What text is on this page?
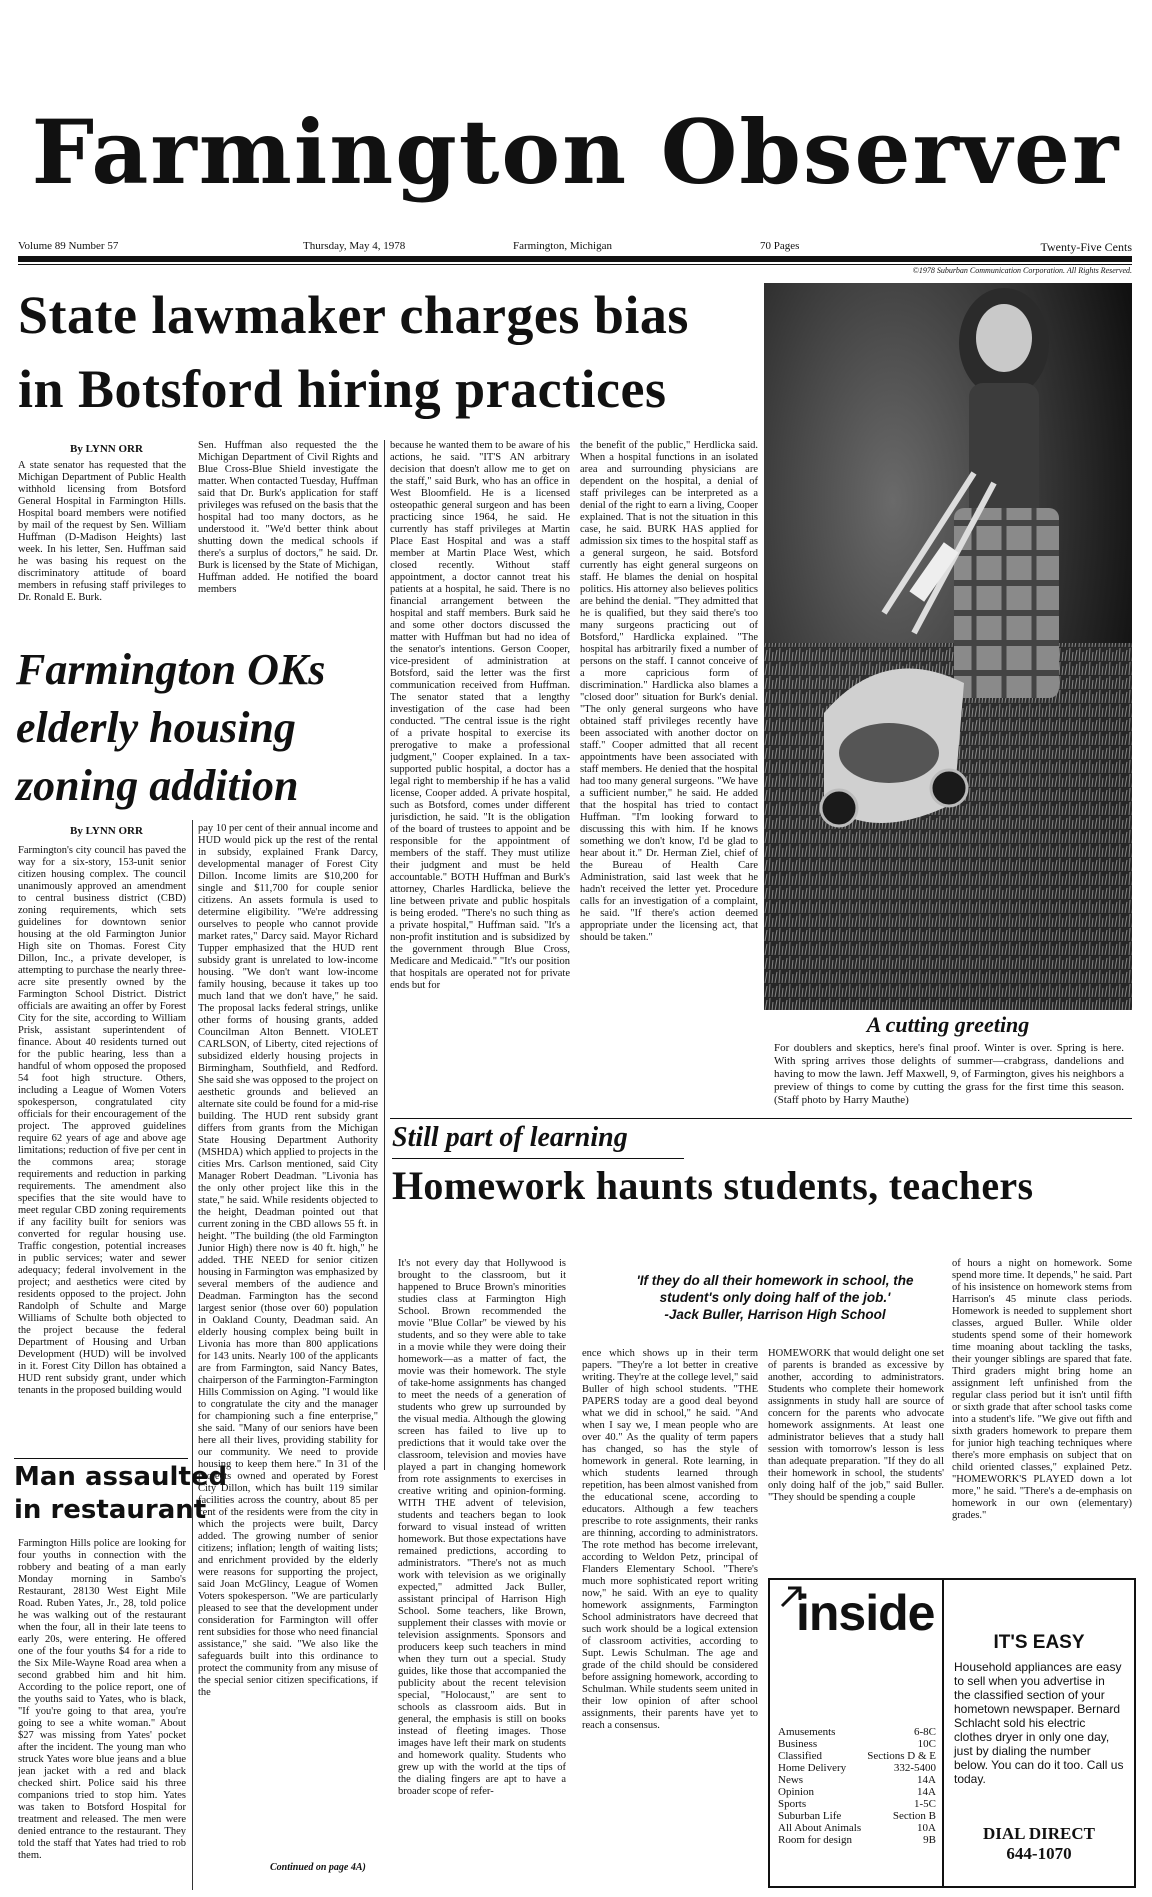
Farmington Observer
Volume 89 Number 57	Thursday, May 4, 1978	Farmington, Michigan	70 Pages	Twenty-Five Cents
©1978 Suburban Communication Corporation. All Rights Reserved.
State lawmaker charges bias
in Botsford hiring practices
By LYNN ORR
A state senator has requested that the Michigan Department of Public Health withhold licensing from Botsford General Hospital in Farmington Hills. Hospital board members were notified by mail of the request by Sen. William Huffman (D-Madison Heights) last week. In his letter, Sen. Huffman said he was basing his request on the discriminatory attitude of board members in refusing staff privileges to Dr. Ronald E. Burk.
Sen. Huffman also requested the the Michigan Department of Civil Rights and Blue Cross-Blue Shield investigate the matter. When contacted Tuesday, Huffman said that Dr. Burk's application for staff privileges was refused on the basis that the hospital had too many doctors, as he understood it. "We'd better think about shutting down the medical schools if there's a surplus of doctors," he said. Dr. Burk is licensed by the State of Michigan, Huffman added. He notified the board members
because he wanted them to be aware of his actions, he said. "IT'S AN arbitrary decision that doesn't allow me to get on the staff," said Burk, who has an office in West Bloomfield. He is a licensed osteopathic general surgeon and has been practicing since 1964, he said. He currently has staff privileges at Martin Place East Hospital and was a staff member at Martin Place West, which closed recently. Without staff appointment, a doctor cannot treat his patients at a hospital, he said. There is no financial arrangement between the hospital and staff members. Burk said he and some other doctors discussed the matter with Huffman but had no idea of the senator's intentions. Gerson Cooper, vice-president of administration at Botsford, said the letter was the first communication received from Huffman. The senator stated that a lengthy investigation of the case had been conducted. "The central issue is the right of a private hospital to exercise its prerogative to make a professional judgment," Cooper explained. In a tax-supported public hospital, a doctor has a legal right to membership if he has a valid license, Cooper added. A private hospital, such as Botsford, comes under different jurisdiction, he said. "It is the obligation of the board of trustees to appoint and be responsible for the appointment of members of the staff. They must utilize their judgment and must be held accountable." BOTH Huffman and Burk's attorney, Charles Hardlicka, believe the line between private and public hospitals is being eroded. "There's no such thing as a private hospital," Huffman said. "It's a non-profit institution and is subsidized by the government through Blue Cross, Medicare and Medicaid." "It's our position that hospitals are operated not for private ends but for
the benefit of the public," Herdlicka said. When a hospital functions in an isolated area and surrounding physicians are dependent on the hospital, a denial of staff privileges can be interpreted as a denial of the right to earn a living, Cooper explained. That is not the situation in this case, he said. BURK HAS applied for admission six times to the hospital staff as a general surgeon, he said. Botsford currently has eight general surgeons on staff. He blames the denial on hospital politics. His attorney also believes politics are behind the denial. "They admitted that he is qualified, but they said there's too many surgeons practicing out of Botsford," Hardlicka explained. "The hospital has arbitrarily fixed a number of persons on the staff. I cannot conceive of a more capricious form of discrimination." Hardlicka also blames a "closed door" situation for Burk's denial. "The only general surgeons who have obtained staff privileges recently have been associated with another doctor on staff." Cooper admitted that all recent appointments have been associated with staff members. He denied that the hospital had too many general surgeons. "We have a sufficient number," he said. He added that the hospital has tried to contact Huffman. "I'm looking forward to discussing this with him. If he knows something we don't know, I'd be glad to hear about it." Dr. Herman Ziel, chief of the Bureau of Health Care Administration, said last week that he hadn't received the letter yet. Procedure calls for an investigation of a complaint, he said. "If there's action deemed appropriate under the licensing act, that should be taken."
A cutting greeting
For doublers and skeptics, here's final proof. Winter is over. Spring is here. With spring arrives those delights of summer—crabgrass, dandelions and having to mow the lawn. Jeff Maxwell, 9, of Farmington, gives his neighbors a preview of things to come by cutting the grass for the first time this season. (Staff photo by Harry Mauthe)
Farmington OKs
elderly housing
zoning addition
By LYNN ORR
Farmington's city council has paved the way for a six-story, 153-unit senior citizen housing complex. The council unanimously approved an amendment to central business district (CBD) zoning requirements, which sets guidelines for downtown senior housing at the old Farmington Junior High site on Thomas. Forest City Dillon, Inc., a private developer, is attempting to purchase the nearly three-acre site presently owned by the Farmington School District. District officials are awaiting an offer by Forest City for the site, according to William Prisk, assistant superintendent of finance. About 40 residents turned out for the public hearing, less than a handful of whom opposed the proposed 54 foot high structure. Others, including a League of Women Voters spokesperson, congratulated city officials for their encouragement of the project. The approved guidelines require 62 years of age and above age limitations; reduction of five per cent in the commons area; storage requirements and reduction in parking requirements. The amendment also specifies that the site would have to meet regular CBD zoning requirements if any facility built for seniors was converted for regular housing use. Traffic congestion, potential increases in public services; water and sewer adequacy; federal involvement in the project; and aesthetics were cited by residents opposed to the project. John Randolph of Schulte and Marge Williams of Schulte both objected to the project because the federal Department of Housing and Urban Development (HUD) will be involved in it. Forest City Dillon has obtained a HUD rent subsidy grant, under which tenants in the proposed building would
pay 10 per cent of their annual income and HUD would pick up the rest of the rental in subsidy, explained Frank Darcy, developmental manager of Forest City Dillon. Income limits are $10,200 for single and $11,700 for couple senior citizens. An assets formula is used to determine eligibility. "We're addressing ourselves to people who cannot provide market rates," Darcy said. Mayor Richard Tupper emphasized that the HUD rent subsidy grant is unrelated to low-income housing. "We don't want low-income family housing, because it takes up too much land that we don't have," he said. The proposal lacks federal strings, unlike other forms of housing grants, added Councilman Alton Bennett. VIOLET CARLSON, of Liberty, cited rejections of subsidized elderly housing projects in Birmingham, Southfield, and Redford. She said she was opposed to the project on aesthetic grounds and believed an alternate site could be found for a mid-rise building. The HUD rent subsidy grant differs from grants from the Michigan State Housing Department Authority (MSHDA) which applied to projects in the cities Mrs. Carlson mentioned, said City Manager Robert Deadman. "Livonia has the only other project like this in the state," he said. While residents objected to the height, Deadman pointed out that current zoning in the CBD allows 55 ft. in height. "The building (the old Farmington Junior High) there now is 40 ft. high," he added. THE NEED for senior citizen housing in Farmington was emphasized by several members of the audience and Deadman. Farmington has the second largest senior (those over 60) population in Oakland County, Deadman said. An elderly housing complex being built in Livonia has more than 800 applications for 143 units. Nearly 100 of the applicants are from Farmington, said Nancy Bates, chairperson of the Farmington-Farmington Hills Commission on Aging. "I would like to congratulate the city and the manager for championing such a fine enterprise," she said. "Many of our seniors have been here all their lives, providing stability for our community. We need to provide housing to keep them here." In 31 of the projects owned and operated by Forest City Dillon, which has built 119 similar facilities across the country, about 85 per cent of the residents were from the city in which the projects were built, Darcy added. The growing number of senior citizens; inflation; length of waiting lists; and enrichment provided by the elderly were reasons for supporting the project, said Joan McGlincy, League of Women Voters spokesperson. "We are particularly pleased to see that the development under consideration for Farmington will offer rent subsidies for those who need financial assistance," she said. "We also like the safeguards built into this ordinance to protect the community from any misuse of the special senior citizen specifications, if the
Continued on page 4A)
Man assaulted
in restaurant
Farmington Hills police are looking for four youths in connection with the robbery and beating of a man early Monday morning in Sambo's Restaurant, 28130 West Eight Mile Road. Ruben Yates, Jr., 28, told police he was walking out of the restaurant when the four, all in their late teens to early 20s, were entering. He offered one of the four youths $4 for a ride to the Six Mile-Wayne Road area when a second grabbed him and hit him. According to the police report, one of the youths said to Yates, who is black, "If you're going to that area, you're going to see a white woman." About $27 was missing from Yates' pocket after the incident. The young man who struck Yates wore blue jeans and a blue jean jacket with a red and black checked shirt. Police said his three companions tried to stop him. Yates was taken to Botsford Hospital for treatment and released. The men were denied entrance to the restaurant. They told the staff that Yates had tried to rob them.
Still part of learning
Homework haunts students, teachers
It's not every day that Hollywood is brought to the classroom, but it happened to Bruce Brown's minorities studies class at Farmington High School. Brown recommended the movie "Blue Collar" be viewed by his students, and so they were able to take in a movie while they were doing their homework—as a matter of fact, the movie was their homework. The style of take-home assignments has changed to meet the needs of a generation of students who grew up surrounded by the visual media. Although the glowing screen has failed to live up to predictions that it would take over the classroom, television and movies have played a part in changing homework from rote assignments to exercises in creative writing and opinion-forming. WITH THE advent of television, students and teachers began to look forward to visual instead of written homework. But those expectations have remained predictions, according to administrators. "There's not as much work with television as we originally expected," admitted Jack Buller, assistant principal of Harrison High School. Some teachers, like Brown, supplement their classes with movie or television assignments. Sponsors and producers keep such teachers in mind when they turn out a special. Study guides, like those that accompanied the publicity about the recent television special, "Holocaust," are sent to schools as classroom aids. But in general, the emphasis is still on books instead of fleeting images. Those images have left their mark on students and homework quality. Students who grew up with the world at the tips of the dialing fingers are apt to have a broader scope of refer-
'If they do all their homework in school, the
student's only doing half of the job.'
-Jack Buller, Harrison High School
ence which shows up in their term papers. "They're a lot better in creative writing. They're at the college level," said Buller of high school students. "THE PAPERS today are a good deal beyond what we did in school," he said. "And when I say we, I mean people who are over 40." As the quality of term papers has changed, so has the style of homework in general. Rote learning, in which students learned through repetition, has been almost vanished from the educational scene, according to educators. Although a few teachers prescribe to rote assignments, their ranks are thinning, according to administrators. The rote method has become irrelevant, according to Weldon Petz, principal of Flanders Elementary School. "There's much more sophisticated report writing now," he said. With an eye to quality homework assignments, Farmington School administrators have decreed that such work should be a logical extension of classroom activities, according to Supt. Lewis Schulman. The age and grade of the child should be considered before assigning homework, according to Schulman. While students seem united in their low opinion of after school assignments, their parents have yet to reach a consensus.
HOMEWORK that would delight one set of parents is branded as excessive by another, according to administrators. Students who complete their homework assignments in study hall are source of concern for the parents who advocate homework assignments. At least one administrator believes that a study hall session with tomorrow's lesson is less than adequate preparation. "If they do all their homework in school, the students' only doing half of the job," said Buller. "They should be spending a couple
of hours a night on homework. Some spend more time. It depends," he said. Part of his insistence on homework stems from Harrison's 45 minute class periods. Homework is needed to supplement short classes, argued Buller. While older students spend some of their homework time moaning about tackling the tasks, their younger siblings are spared that fate. Third graders might bring home an assignment left unfinished from the regular class period but it isn't until fifth or sixth grade that after school tasks come into a student's life. "We give out fifth and sixth graders homework to prepare them for junior high teaching techniques where there's more emphasis on subject that on child oriented classes," explained Petz. "HOMEWORK'S PLAYED down a lot more," he said. "There's a de-emphasis on homework in our own (elementary) grades."
inside
Amusements	6-8C
Business	10C
Classified	Sections D & E
Home Delivery	332-5400
News	14A
Opinion	14A
Sports	1-5C
Suburban Life	Section B
All About Animals	10A
Room for design	9B
IT'S EASY
Household appliances are easy to sell when you advertise in the classified section of your hometown newspaper. Bernard Schlacht sold his electric clothes dryer in only one day, just by dialing the number below. You can do it too. Call us today.
DIAL DIRECT
644-1070
